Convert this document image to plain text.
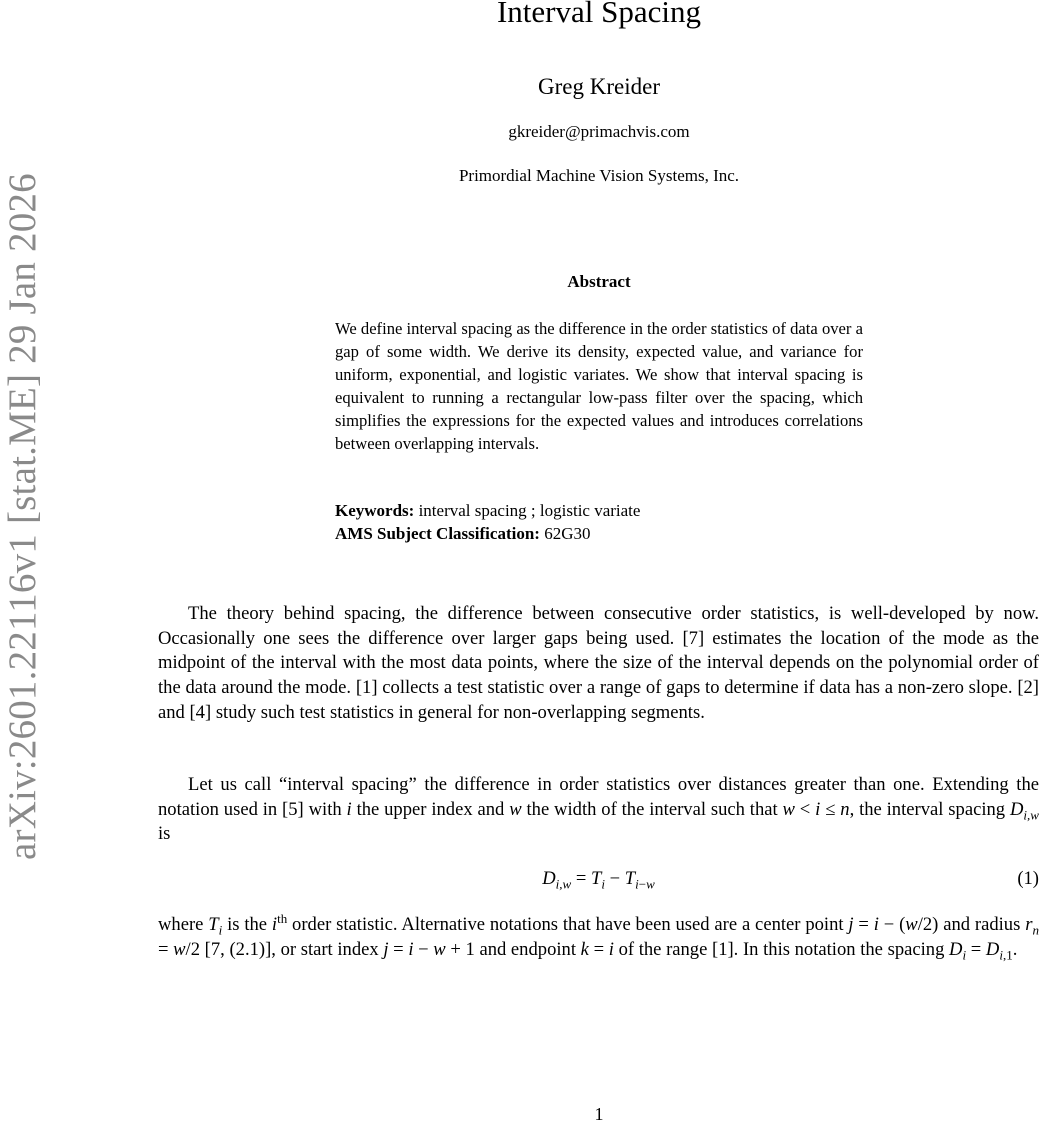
arXiv:2601.22116v1 [stat.ME] 29 Jan 2026
Interval Spacing
Greg Kreider
gkreider@primachvis.com
Primordial Machine Vision Systems, Inc.
Abstract
We define interval spacing as the difference in the order statistics of data over a gap of some width. We derive its density, expected value, and variance for uniform, exponential, and logistic variates. We show that interval spacing is equivalent to running a rectangular low-pass filter over the spacing, which simplifies the expressions for the expected values and introduces correlations between overlapping intervals.
Keywords: interval spacing ; logistic variate
AMS Subject Classification: 62G30
The theory behind spacing, the difference between consecutive order statistics, is well-developed by now. Occasionally one sees the difference over larger gaps being used. [7] estimates the location of the mode as the midpoint of the interval with the most data points, where the size of the interval depends on the polynomial order of the data around the mode. [1] collects a test statistic over a range of gaps to determine if data has a non-zero slope. [2] and [4] study such test statistics in general for non-overlapping segments.
Let us call “interval spacing” the difference in order statistics over distances greater than one. Extending the notation used in [5] with i the upper index and w the width of the interval such that w < i ≤ n, the interval spacing $D_{i,w}$ is
$D_{i,w} = T_i - T_{i-w}$	(1)
where $T_i$ is the $i^{th}$ order statistic. Alternative notations that have been used are a center point j = i − (w/2) and radius $r_n = w/2$ [7, (2.1)], or start index j = i − w + 1 and endpoint k = i of the range [1]. In this notation the spacing $D_i = D_{i,1}$.
1
